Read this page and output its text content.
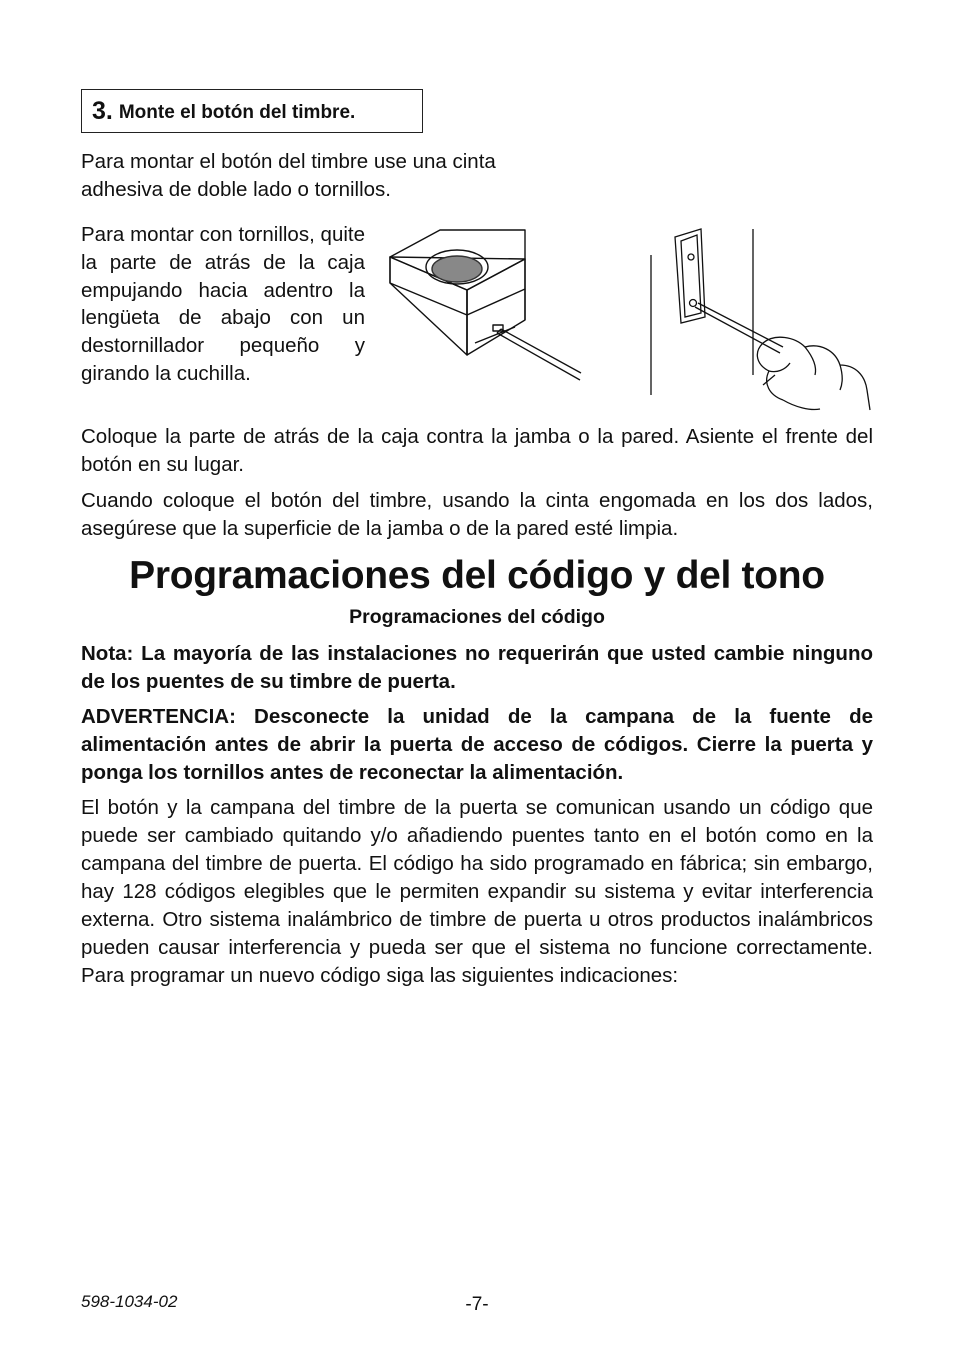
3. Monte el botón del timbre.

Para montar el botón del timbre use una cinta adhesiva de doble lado o tornillos.

Para montar con tornillos, quite la parte de atrás de la caja empujando hacia adentro la lengüeta de abajo con un destornillador pequeño y girando la cuchilla.

Coloque la parte de atrás de la caja contra la jamba o la pared. Asiente el frente del botón en su lugar.

Cuando coloque el botón del timbre, usando la cinta engomada en los dos lados, asegúrese que la superficie de la jamba o de la pared esté limpia.

Programaciones del código y del tono
Programaciones del código

Nota: La mayoría de las instalaciones no requerirán que usted cambie ninguno de los puentes de su timbre de puerta.

ADVERTENCIA: Desconecte la unidad de la campana de la fuente de alimentación antes de abrir la puerta de acceso de códigos. Cierre la puerta y ponga los tornillos antes de reconectar la alimentación.

El botón y la campana del timbre de la puerta se comunican usando un código que puede ser cambiado quitando y/o añadiendo puentes tanto en el botón como en la campana del timbre de puerta. El código ha sido programado en fábrica; sin embargo, hay 128 códigos elegibles que le permiten expandir su sistema y evitar interferencia externa. Otro sistema inalámbrico de timbre de puerta u otros productos inalámbricos pueden causar interferencia y pueda ser que el sistema no funcione correctamente. Para programar un nuevo código siga las siguientes indicaciones:

598-1034-02	-7-
